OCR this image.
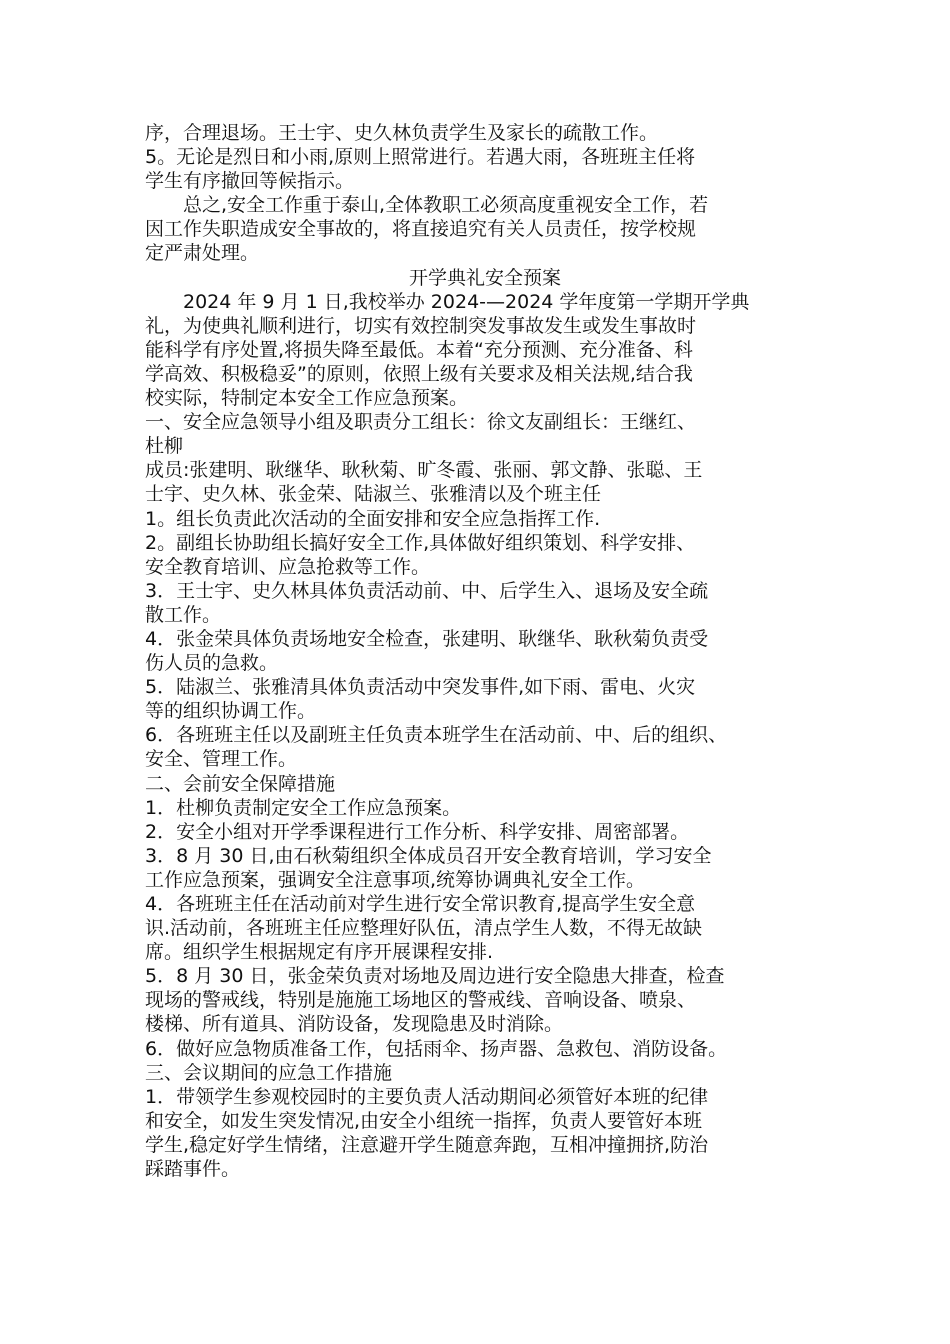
序，合理退场。王士宇、史久林负责学生及家长的疏散工作。
5。无论是烈日和小雨,原则上照常进行。若遇大雨，各班班主任将
学生有序撤回等候指示。
总之,安全工作重于泰山,全体教职工必须高度重视安全工作，若
因工作失职造成安全事故的，将直接追究有关人员责任，按学校规
定严肃处理。
开学典礼安全预案
2024 年 9 月 1 日,我校举办 2024-—2024 学年度第一学期开学典
礼，为使典礼顺利进行，切实有效控制突发事故发生或发生事故时
能科学有序处置,将损失降至最低。本着“充分预测、充分准备、科
学高效、积极稳妥”的原则，依照上级有关要求及相关法规,结合我
校实际，特制定本安全工作应急预案。
一、安全应急领导小组及职责分工组长：徐文友副组长：王继红、
杜柳
成员:张建明、耿继华、耿秋菊、旷冬霞、张丽、郭文静、张聪、王
士宇、史久林、张金荣、陆淑兰、张雅清以及个班主任
1。组长负责此次活动的全面安排和安全应急指挥工作.
2。副组长协助组长搞好安全工作,具体做好组织策划、科学安排、
安全教育培训、应急抢救等工作。
3．王士宇、史久林具体负责活动前、中、后学生入、退场及安全疏
散工作。
4．张金荣具体负责场地安全检查，张建明、耿继华、耿秋菊负责受
伤人员的急救。
5．陆淑兰、张雅清具体负责活动中突发事件,如下雨、雷电、火灾
等的组织协调工作。
6．各班班主任以及副班主任负责本班学生在活动前、中、后的组织、
安全、管理工作。
二、会前安全保障措施
1．杜柳负责制定安全工作应急预案。
2．安全小组对开学季课程进行工作分析、科学安排、周密部署。
3．8 月 30 日,由石秋菊组织全体成员召开安全教育培训，学习安全
工作应急预案，强调安全注意事项,统筹协调典礼安全工作。
4．各班班主任在活动前对学生进行安全常识教育,提高学生安全意
识.活动前，各班班主任应整理好队伍，清点学生人数，不得无故缺
席。组织学生根据规定有序开展课程安排.
5．8 月 30 日，张金荣负责对场地及周边进行安全隐患大排查，检查
现场的警戒线，特别是施施工场地区的警戒线、音响设备、喷泉、
楼梯、所有道具、消防设备，发现隐患及时消除。
6．做好应急物质准备工作，包括雨伞、扬声器、急救包、消防设备。
三、会议期间的应急工作措施
1．带领学生参观校园时的主要负责人活动期间必须管好本班的纪律
和安全，如发生突发情况,由安全小组统一指挥，负责人要管好本班
学生,稳定好学生情绪，注意避开学生随意奔跑，互相冲撞拥挤,防治
踩踏事件。
